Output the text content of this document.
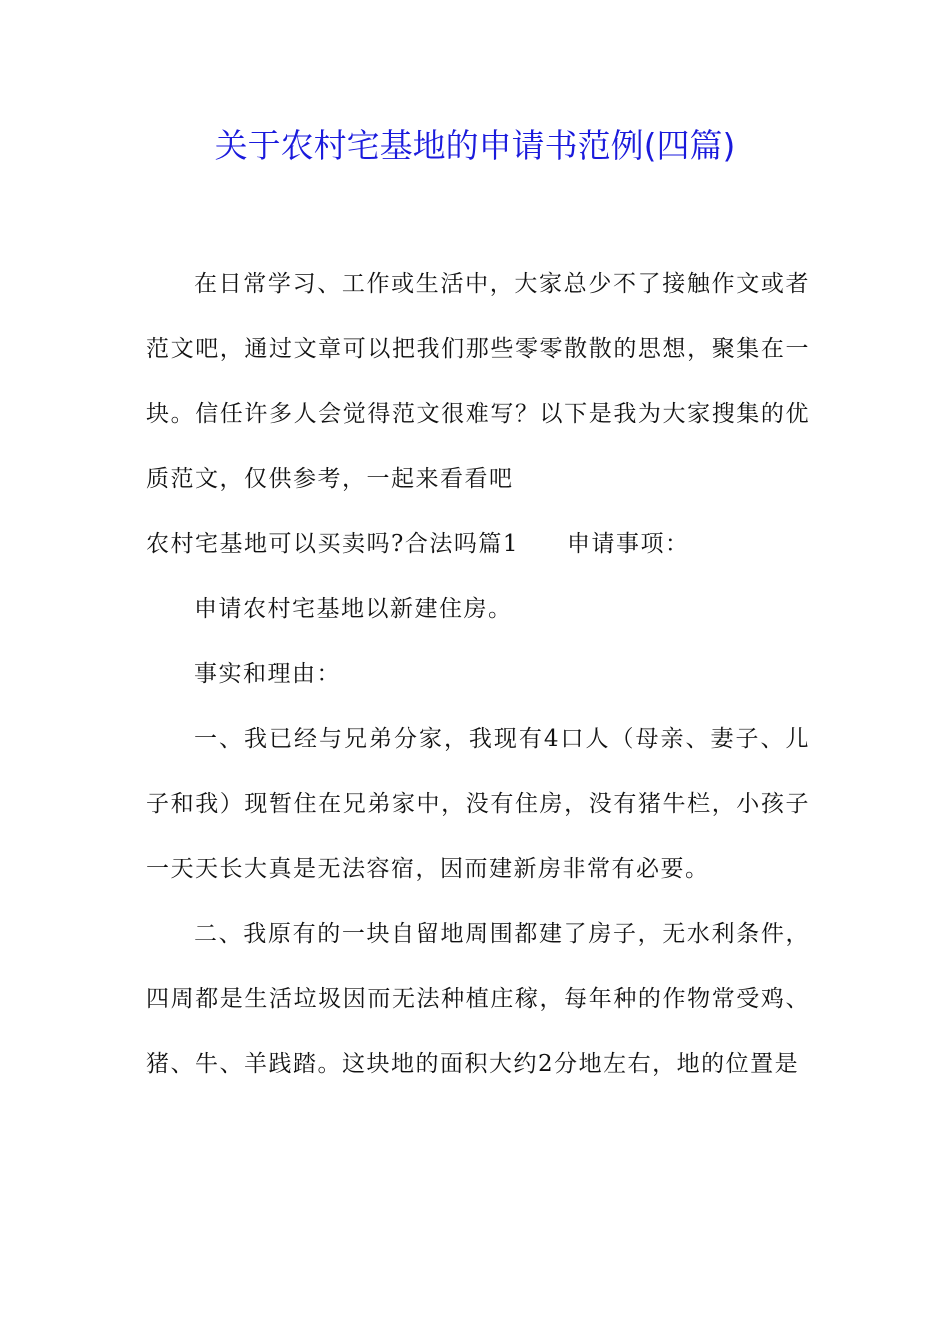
关于农村宅基地的申请书范例(四篇)

在日常学习、工作或生活中，大家总少不了接触作文或者范文吧，通过文章可以把我们那些零零散散的思想，聚集在一块。信任许多人会觉得范文很难写？以下是我为大家搜集的优质范文，仅供参考，一起来看看吧

农村宅基地可以买卖吗?合法吗篇1 申请事项：

申请农村宅基地以新建住房。

事实和理由：

一、我已经与兄弟分家，我现有4口人（母亲、妻子、儿子和我）现暂住在兄弟家中，没有住房，没有猪牛栏，小孩子一天天长大真是无法容宿，因而建新房非常有必要。

二、我原有的一块自留地周围都建了房子，无水利条件，四周都是生活垃圾因而无法种植庄稼，每年种的作物常受鸡、猪、牛、羊践踏。这块地的面积大约2分地左右，地的位置是
